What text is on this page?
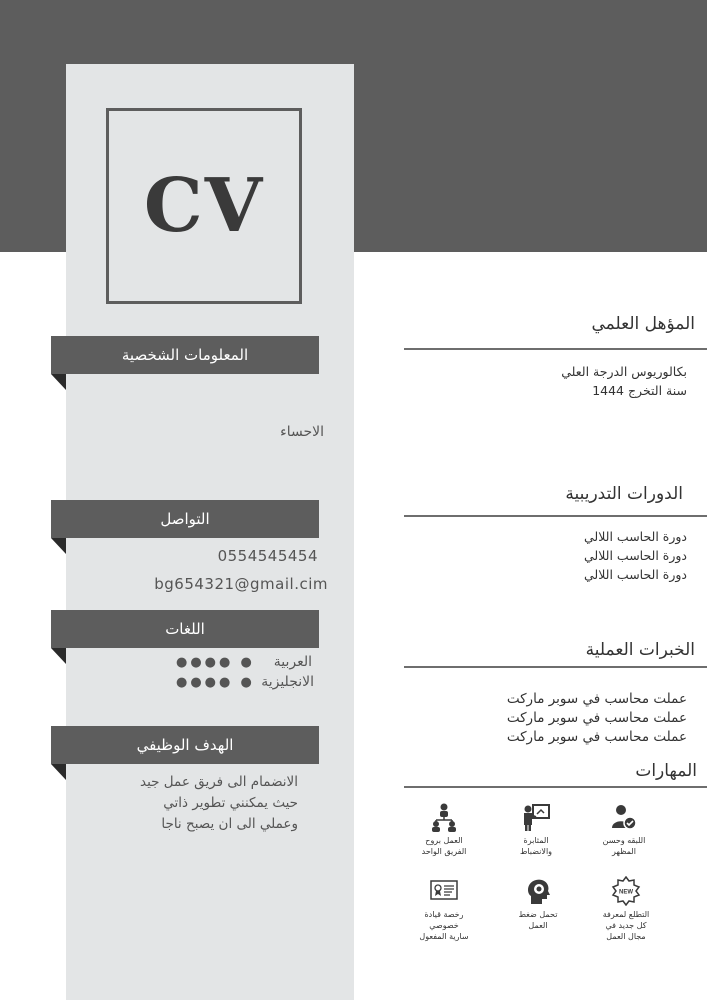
CV
المعلومات الشخصية
الاحساء
التواصل
0554545454
bg654321@gmail.cim
اللغات
العربية
●●●● ●
الانجليزية
●●●● ●
الهدف الوظيفي
الانضمام الى فريق عمل جيد
حيث يمكنني تطوير ذاتي
وعملي الى ان يصبح ناجا
المؤهل العلمي
بكالوريوس الدرجة العلي
سنة التخرج 1444
الدورات التدريبية
دورة الحاسب اللالي
دورة الحاسب اللالي
دورة الحاسب اللالي
الخبرات العملية
عملت محاسب في سوبر ماركت
عملت محاسب في سوبر ماركت
عملت محاسب في سوبر ماركت
المهارات
اللبقه وحسن
المظهر
المثابرة
والانضباط
العمل بروح
الفريق الواحد
NEW
التطلع لمعرفة
كل جديد في
مجال العمل
تحمل ضغط
العمل
رخصة قيادة
خصوصي
سارية المفعول
